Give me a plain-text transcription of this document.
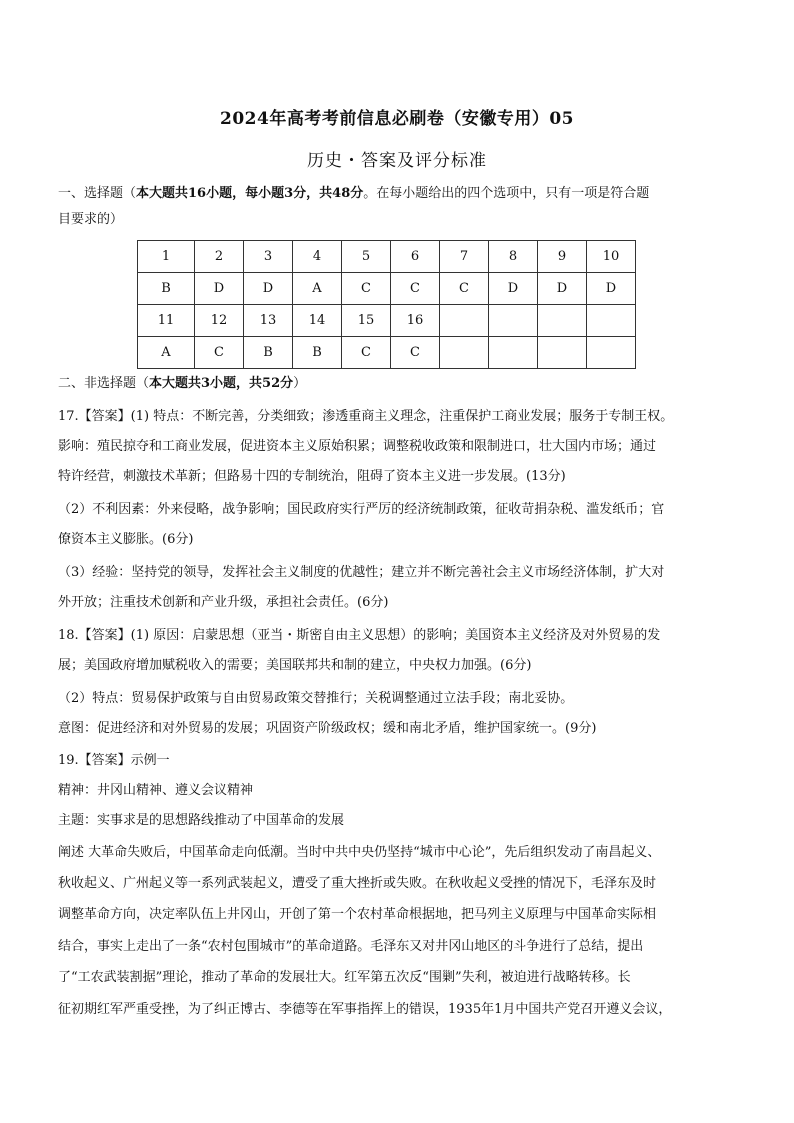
2024年高考考前信息必刷卷（安徽专用）05
历史・答案及评分标准
一、选择题（本大题共16小题，每小题3分，共48分。在每小题给出的四个选项中，只有一项是符合题
目要求的）
1	2	3	4	5	6	7	8	9	10
B	D	D	A	C	C	C	D	D	D
11	12	13	14	15	16				
A	C	B	B	C	C				
二、非选择题（本大题共3小题，共52分）
17.【答案】(1) 特点：不断完善，分类细致；渗透重商主义理念，注重保护工商业发展；服务于专制王权。
影响：殖民掠夺和工商业发展，促进资本主义原始积累；调整税收政策和限制进口，壮大国内市场；通过
特许经营，刺激技术革新；但路易十四的专制统治，阻碍了资本主义进一步发展。(13分)
（2）不利因素：外来侵略，战争影响；国民政府实行严厉的经济统制政策，征收苛捐杂税、滥发纸币；官
僚资本主义膨胀。(6分)
（3）经验：坚持党的领导，发挥社会主义制度的优越性；建立并不断完善社会主义市场经济体制，扩大对
外开放；注重技术创新和产业升级，承担社会责任。(6分)
18.【答案】(1) 原因：启蒙思想（亚当・斯密自由主义思想）的影响；美国资本主义经济及对外贸易的发
展；美国政府增加赋税收入的需要；美国联邦共和制的建立，中央权力加强。(6分)
（2）特点：贸易保护政策与自由贸易政策交替推行；关税调整通过立法手段；南北妥协。
意图：促进经济和对外贸易的发展；巩固资产阶级政权；缓和南北矛盾，维护国家统一。(9分)
19.【答案】示例一
精神：井冈山精神、遵义会议精神
主题：实事求是的思想路线推动了中国革命的发展
阐述 大革命失败后，中国革命走向低潮。当时中共中央仍坚持“城市中心论”，先后组织发动了南昌起义、
秋收起义、广州起义等一系列武装起义，遭受了重大挫折或失败。在秋收起义受挫的情况下，毛泽东及时
调整革命方向，决定率队伍上井冈山，开创了第一个农村革命根据地，把马列主义原理与中国革命实际相
结合，事实上走出了一条“农村包围城市”的革命道路。毛泽东又对井冈山地区的斗争进行了总结，提出
了“工农武装割据”理论，推动了革命的发展壮大。红军第五次反“围剿”失利，被迫进行战略转移。长
征初期红军严重受挫，为了纠正博古、李德等在军事指挥上的错误，1935年1月中国共产党召开遵义会议，
